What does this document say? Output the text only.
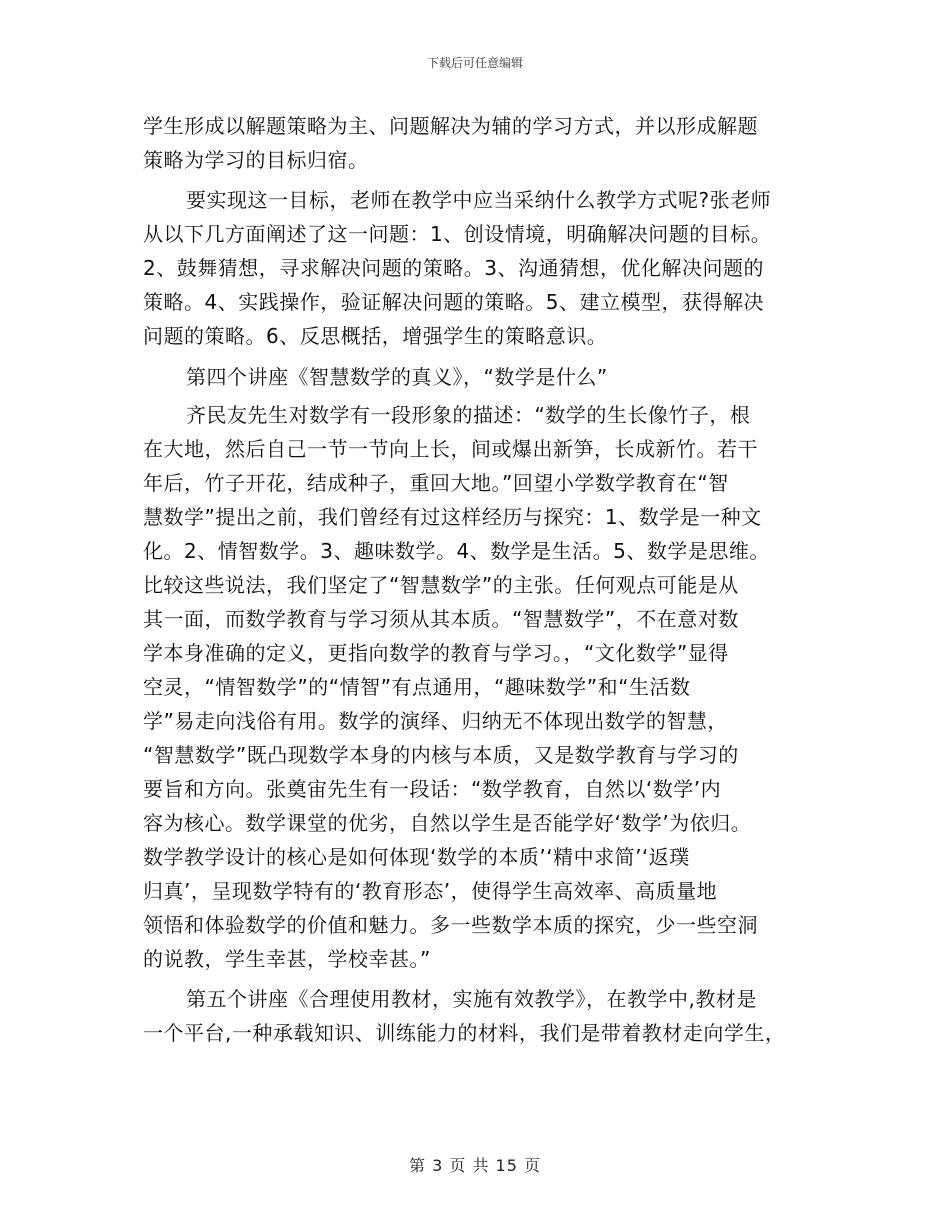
下载后可任意编辑
学生形成以解题策略为主、问题解决为辅的学习方式，并以形成解题
策略为学习的目标归宿。
要实现这一目标，老师在教学中应当采纳什么教学方式呢?张老师
从以下几方面阐述了这一问题：1、创设情境，明确解决问题的目标。
2、鼓舞猜想，寻求解决问题的策略。3、沟通猜想，优化解决问题的
策略。4、实践操作，验证解决问题的策略。5、建立模型，获得解决
问题的策略。6、反思概括，增强学生的策略意识。
第四个讲座《智慧数学的真义》，“数学是什么”
齐民友先生对数学有一段形象的描述：“数学的生长像竹子，根
在大地，然后自己一节一节向上长，间或爆出新笋，长成新竹。若干
年后，竹子开花，结成种子，重回大地。”回望小学数学教育在“智
慧数学”提出之前，我们曾经有过这样经历与探究：1、数学是一种文
化。2、情智数学。3、趣味数学。4、数学是生活。5、数学是思维。
比较这些说法，我们坚定了“智慧数学”的主张。任何观点可能是从
其一面，而数学教育与学习须从其本质。“智慧数学”，不在意对数
学本身准确的定义，更指向数学的教育与学习。，“文化数学”显得
空灵，“情智数学”的“情智”有点通用，“趣味数学”和“生活数
学”易走向浅俗有用。数学的演绎、归纳无不体现出数学的智慧，
“智慧数学”既凸现数学本身的内核与本质，又是数学教育与学习的
要旨和方向。张奠宙先生有一段话：“数学教育，自然以‘数学’内
容为核心。数学课堂的优劣，自然以学生是否能学好‘数学’为依归。
数学教学设计的核心是如何体现‘数学的本质’‘精中求简’‘返璞
归真’，呈现数学特有的‘教育形态’，使得学生高效率、高质量地
领悟和体验数学的价值和魅力。多一些数学本质的探究，少一些空洞
的说教，学生幸甚，学校幸甚。”
第五个讲座《合理使用教材，实施有效教学》，在教学中,教材是
一个平台,一种承载知识、训练能力的材料，我们是带着教材走向学生，
第 3 页 共 15 页
